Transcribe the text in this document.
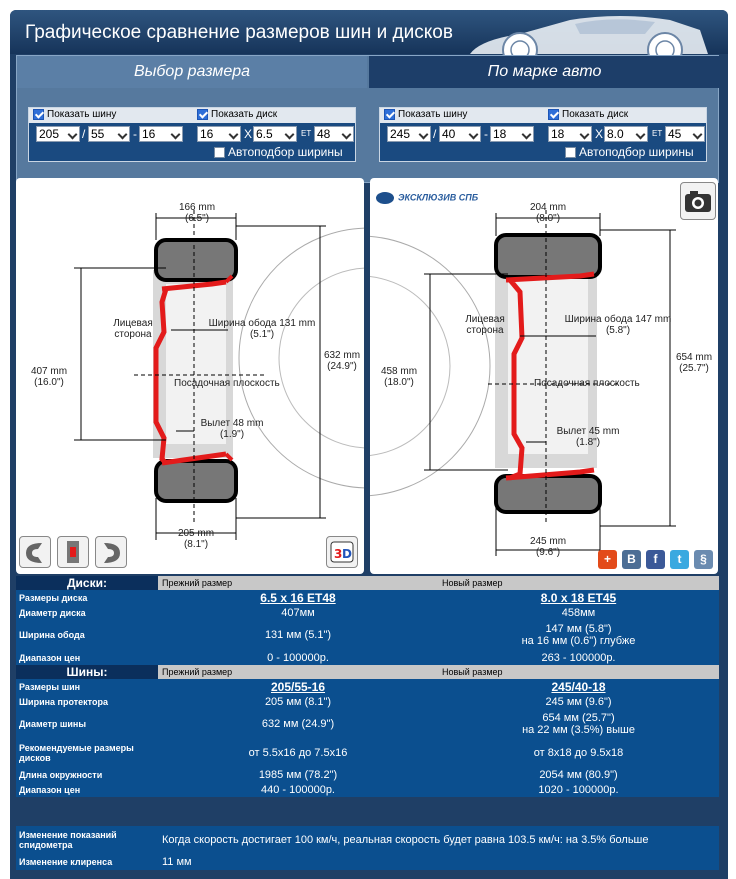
Графическое сравнение размеров шин и дисков
Выбор размера	По марке авто
Показать шину	Показать диск
205	/ 55	- 16	16	X 6.5	ET 48
Автоподбор ширины
Показать шину	Показать диск
245	/ 40	- 18	18	X 8.0	ET 45
Автоподбор ширины
166 mm
(6.5")
407 mm
(16.0")
Лицевая
сторона
Ширина обода 131 mm
(5.1")
632 mm
(24.9")
Посадочная плоскость
Вылет 48 mm
(1.9")
205 mm
(8.1")
3 D
ЭКСКЛЮЗИВ СПБ
204 mm
(8.0")
458 mm
(18.0")
Лицевая
сторона
Ширина обода 147 mm
(5.8")
654 mm
(25.7")
Посадочная плоскость
Вылет 45 mm
(1.8")
245 mm
(9.6")	+	B	f	t	§
Диски:	Прежний размер	Новый размер
Размеры диска	6.5 x 16 ET48	8.0 x 18 ET45
Диаметр диска	407мм	458мм
Ширина обода	131 мм (5.1")	147 мм (5.8")
на 16 мм (0.6") глубже

Диапазон цен	0 - 100000р.	263 - 100000р.
Шины:	Прежний размер	Новый размер
Размеры шин	205/55-16	245/40-18
Ширина протектора	205 мм (8.1")	245 мм (9.6")
Диаметр шины	632 мм (24.9")	654 мм (25.7")
на 22 мм (3.5%) выше

Рекомендуемые размеры дисков	от 5.5x16 до 7.5x16	от 8x18 до 9.5x18
Длина окружности	1985 мм (78.2")	2054 мм (80.9")
Диапазон цен	440 - 100000р.	1020 - 100000р.
Изменение показаний спидометра	Когда скорость достигает 100 км/ч, реальная скорость будет равна 103.5 км/ч: на 3.5% больше
Изменение клиренса	11 мм
